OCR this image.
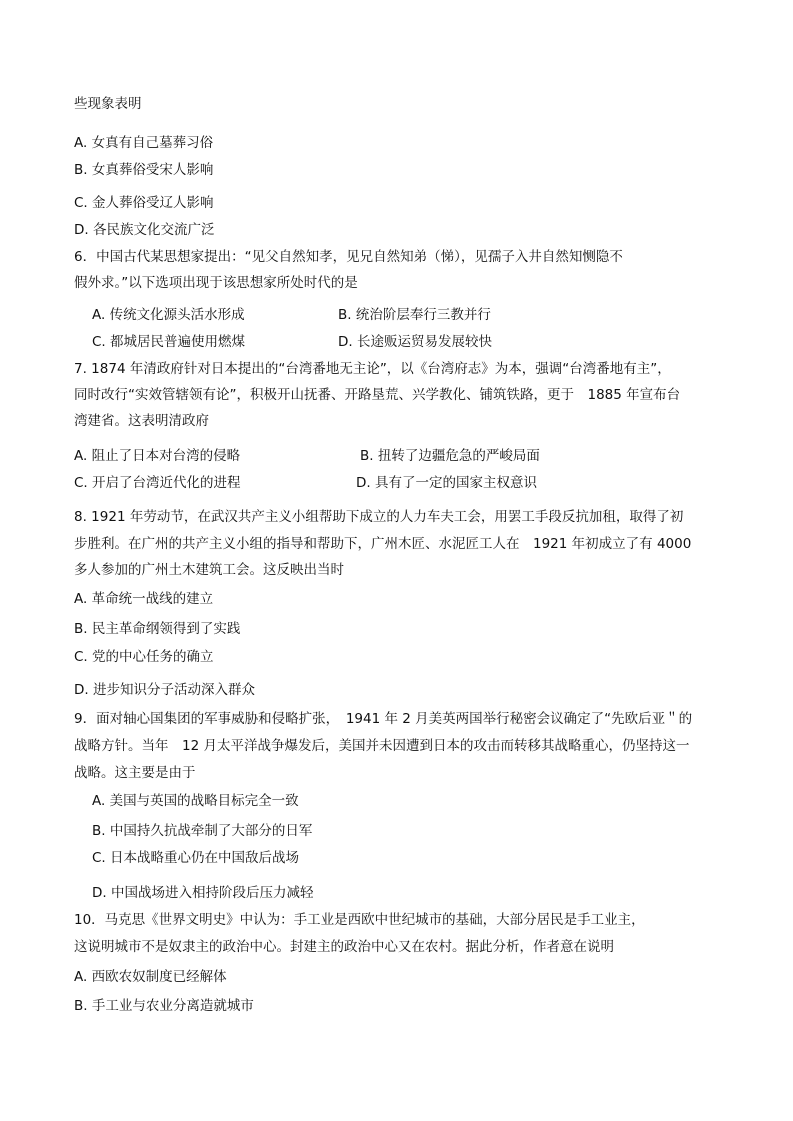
些现象表明
A. 女真有自己墓葬习俗
B. 女真葬俗受宋人影响
C. 金人葬俗受辽人影响
D. 各民族文化交流广泛
6．中国古代某思想家提出：“见父自然知孝，见兄自然知弟（悌），见孺子入井自然知恻隐不
假外求。”以下选项出现于该思想家所处时代的是
A. 传统文化源头活水形成	B. 统治阶层奉行三教并行
C. 都城居民普遍使用燃煤	D. 长途贩运贸易发展较快
7. 1874 年清政府针对日本提出的“台湾番地无主论”，以《台湾府志》为本，强调“台湾番地有主”，
同时改行“实效管辖领有论”，积极开山抚番、开路垦荒、兴学教化、铺筑铁路，更于　1885 年宣布台
湾建省。这表明清政府
A. 阻止了日本对台湾的侵略	B. 扭转了边疆危急的严峻局面
C. 开启了台湾近代化的进程	D. 具有了一定的国家主权意识
8. 1921 年劳动节，在武汉共产主义小组帮助下成立的人力车夫工会，用罢工手段反抗加租，取得了初
步胜利。在广州的共产主义小组的指导和帮助下，广州木匠、水泥匠工人在　1921 年初成立了有 4000
多人参加的广州土木建筑工会。这反映出当时
A. 革命统一战线的建立
B. 民主革命纲领得到了实践
C. 党的中心任务的确立
D. 进步知识分子活动深入群众
9．面对轴心国集团的军事威胁和侵略扩张，　1941 年 2 月美英两国举行秘密会议确定了“先欧后亚＂的
战略方针。当年　12 月太平洋战争爆发后，美国并未因遭到日本的攻击而转移其战略重心，仍坚持这一
战略。这主要是由于
A. 美国与英国的战略目标完全一致
B. 中国持久抗战牵制了大部分的日军
C. 日本战略重心仍在中国敌后战场
D. 中国战场进入相持阶段后压力减轻
10．马克思《世界文明史》中认为：手工业是西欧中世纪城市的基础，大部分居民是手工业主，
这说明城市不是奴隶主的政治中心。封建主的政治中心又在农村。据此分析，作者意在说明
A. 西欧农奴制度已经解体
B. 手工业与农业分离造就城市
